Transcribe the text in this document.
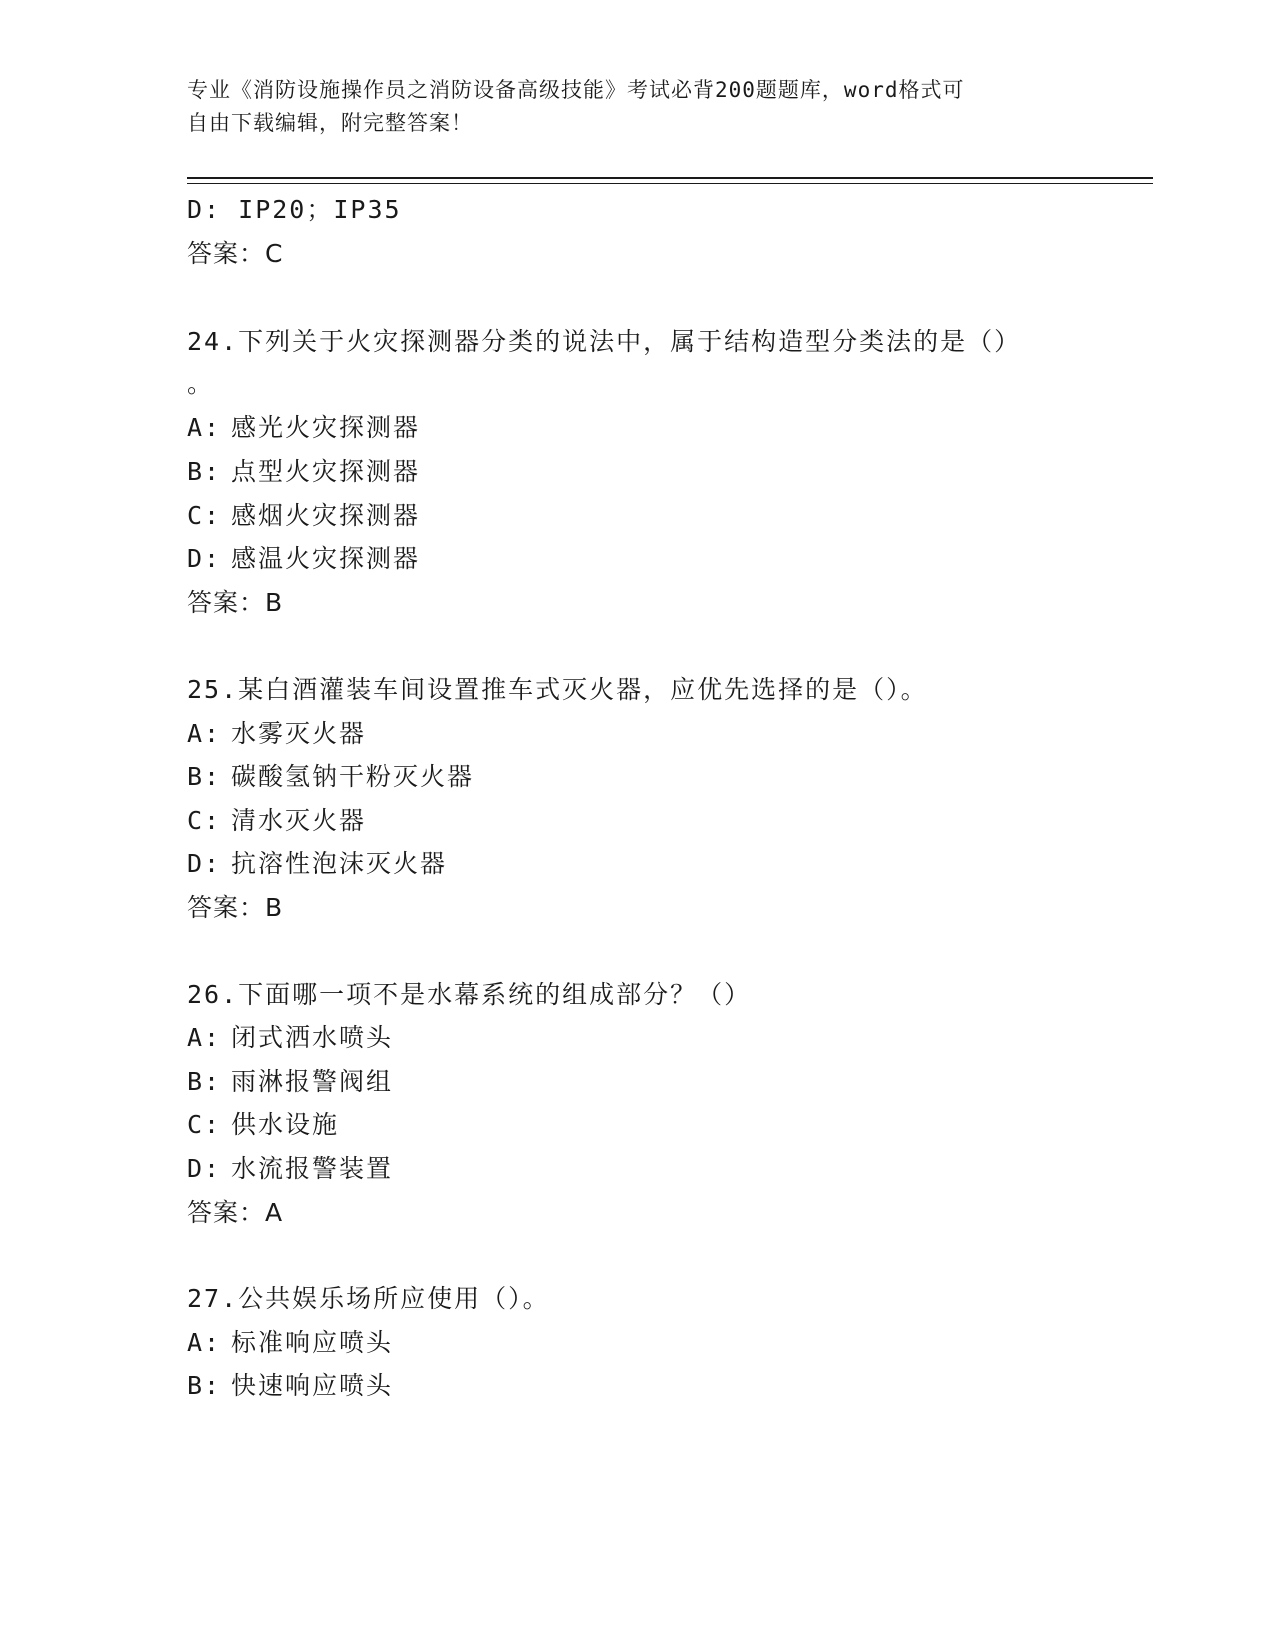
专业《消防设施操作员之消防设备高级技能》考试必背200题题库，word格式可
自由下载编辑，附完整答案！
D: IP20；IP35
答案：C
24.下列关于火灾探测器分类的说法中，属于结构造型分类法的是（）
。
A: 感光火灾探测器
B: 点型火灾探测器
C: 感烟火灾探测器
D: 感温火灾探测器
答案：B
25.某白酒灌装车间设置推车式灭火器，应优先选择的是（）。
A: 水雾灭火器
B: 碳酸氢钠干粉灭火器
C: 清水灭火器
D: 抗溶性泡沫灭火器
答案：B
26.下面哪一项不是水幕系统的组成部分？（）
A: 闭式洒水喷头
B: 雨淋报警阀组
C: 供水设施
D: 水流报警装置
答案：A
27.公共娱乐场所应使用（）。
A: 标准响应喷头
B: 快速响应喷头
